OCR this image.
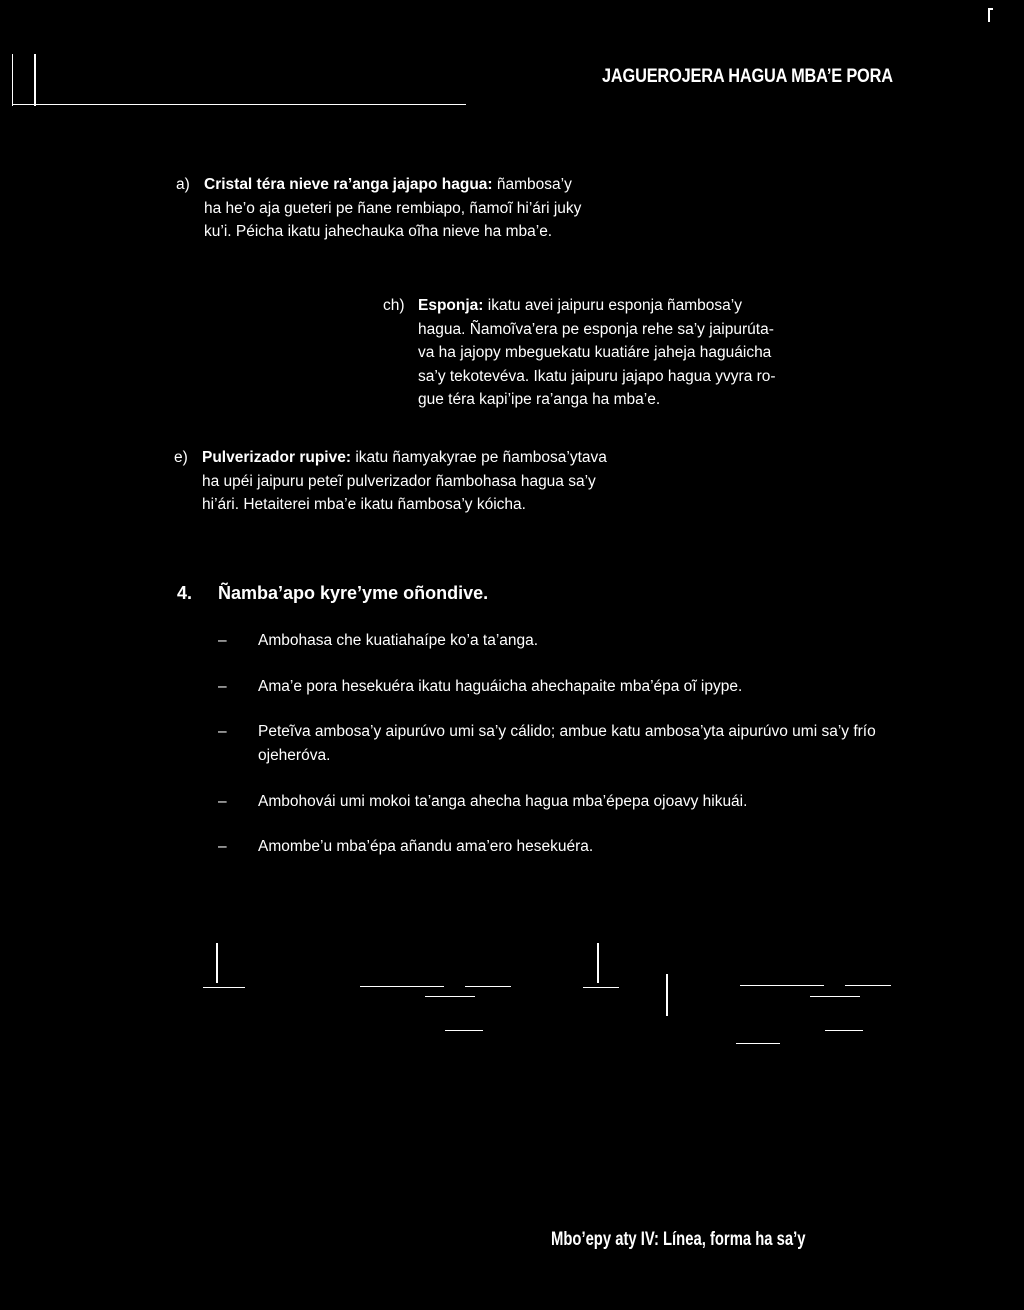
JAGUEROJERA HAGUA MBA’E PORA
a) Cristal téra nieve ra’anga jajapo hagua: ñambosa’y
ha he’o aja gueteri pe ñane rembiapo, ñamoĩ hi’ári juky
ku’i. Péicha ikatu jahechauka oĩha nieve ha mba’e.
ch) Esponja: ikatu avei jaipuru esponja ñambosa’y
hagua. Ñamoĩva’era pe esponja rehe sa’y jaipurúta-
va ha jajopy mbeguekatu kuatiáre jaheja haguáicha
sa’y tekotevéva. Ikatu jaipuru jajapo hagua yvyra ro-
gue téra kapi’ipe ra’anga ha mba’e.
e) Pulverizador rupive: ikatu ñamyakyrae pe ñambosa’ytava
ha upéi jaipuru peteĩ pulverizador ñambohasa hagua sa’y
hi’ári. Hetaiterei mba’e ikatu ñambosa’y kóicha.
4. Ñamba’apo kyre’yme oñondive.
– Ambohasa che kuatiahaípe ko’a ta’anga.
– Ama’e pora hesekuéra ikatu haguáicha ahechapaite mba’épa oĩ ipype.
– Peteĩva ambosa’y aipurúvo umi sa’y cálido; ambue katu ambosa’yta aipurúvo umi sa’y frío ojeheróva.
– Ambohovái umi mokoi ta’anga ahecha hagua mba’épepa ojoavy hikuái.
– Amombe’u mba’épa añandu ama’ero hesekuéra.
Mbo’epy aty IV: Línea, forma ha sa’y
